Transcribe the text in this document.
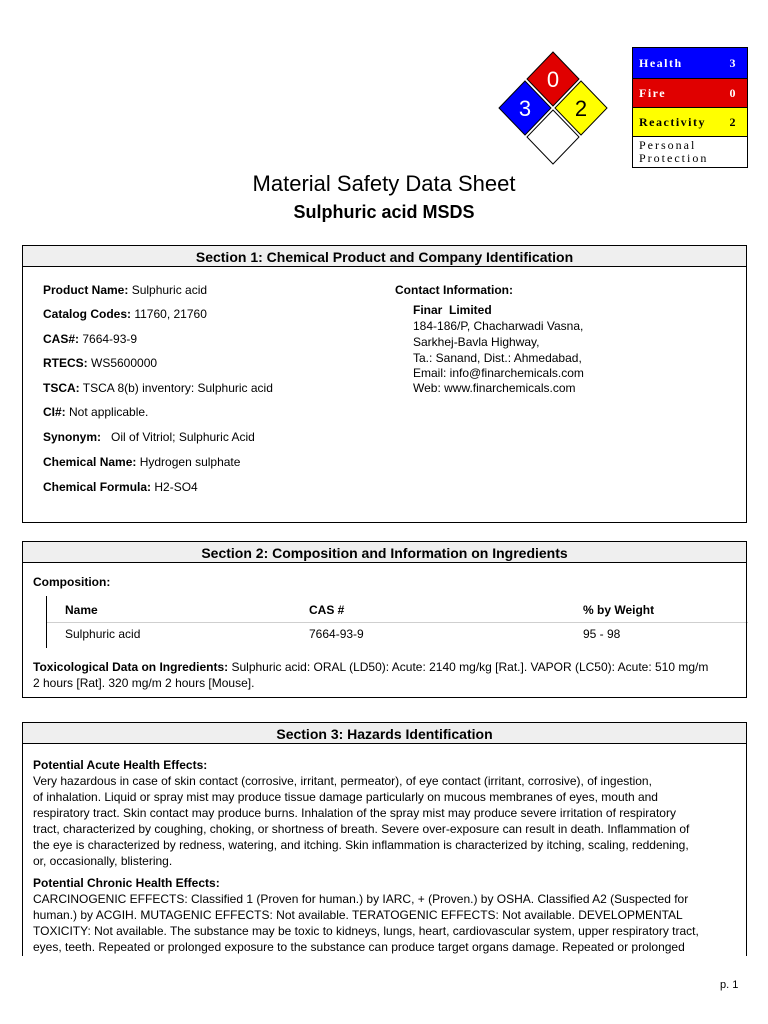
0
3 2
Health	3
Fire	0
Reactivity 2
Personal
Protection
Material Safety Data Sheet
Sulphuric acid MSDS
Section 1: Chemical Product and Company Identification
Product Name: Sulphuric acid
Catalog Codes: 11760, 21760
CAS#: 7664-93-9
RTECS: WS5600000
TSCA: TSCA 8(b) inventory: Sulphuric acid
CI#: Not applicable.
Synonym:   Oil of Vitriol; Sulphuric Acid
Chemical Name: Hydrogen sulphate
Chemical Formula: H2-SO4
Contact Information:
Finar  Limited
184-186/P, Chacharwadi Vasna,
Sarkhej-Bavla Highway,
Ta.: Sanand, Dist.: Ahmedabad,
Email: info@finarchemicals.com
Web: www.finarchemicals.com
Section 2: Composition and Information on Ingredients
Composition:
Name	CAS #	% by Weight
Sulphuric acid	7664-93-9	95 - 98
Toxicological Data on Ingredients: Sulphuric acid: ORAL (LD50): Acute: 2140 mg/kg [Rat.]. VAPOR (LC50): Acute: 510 mg/m
2 hours [Rat]. 320 mg/m 2 hours [Mouse].
Section 3: Hazards Identification
Potential Acute Health Effects:
Very hazardous in case of skin contact (corrosive, irritant, permeator), of eye contact (irritant, corrosive), of ingestion,
of inhalation. Liquid or spray mist may produce tissue damage particularly on mucous membranes of eyes, mouth and
respiratory tract. Skin contact may produce burns. Inhalation of the spray mist may produce severe irritation of respiratory
tract, characterized by coughing, choking, or shortness of breath. Severe over-exposure can result in death. Inflammation of
the eye is characterized by redness, watering, and itching. Skin inflammation is characterized by itching, scaling, reddening,
or, occasionally, blistering.
Potential Chronic Health Effects:
CARCINOGENIC EFFECTS: Classified 1 (Proven for human.) by IARC, + (Proven.) by OSHA. Classified A2 (Suspected for
human.) by ACGIH. MUTAGENIC EFFECTS: Not available. TERATOGENIC EFFECTS: Not available. DEVELOPMENTAL
TOXICITY: Not available. The substance may be toxic to kidneys, lungs, heart, cardiovascular system, upper respiratory tract,
eyes, teeth. Repeated or prolonged exposure to the substance can produce target organs damage. Repeated or prolonged
p. 1
